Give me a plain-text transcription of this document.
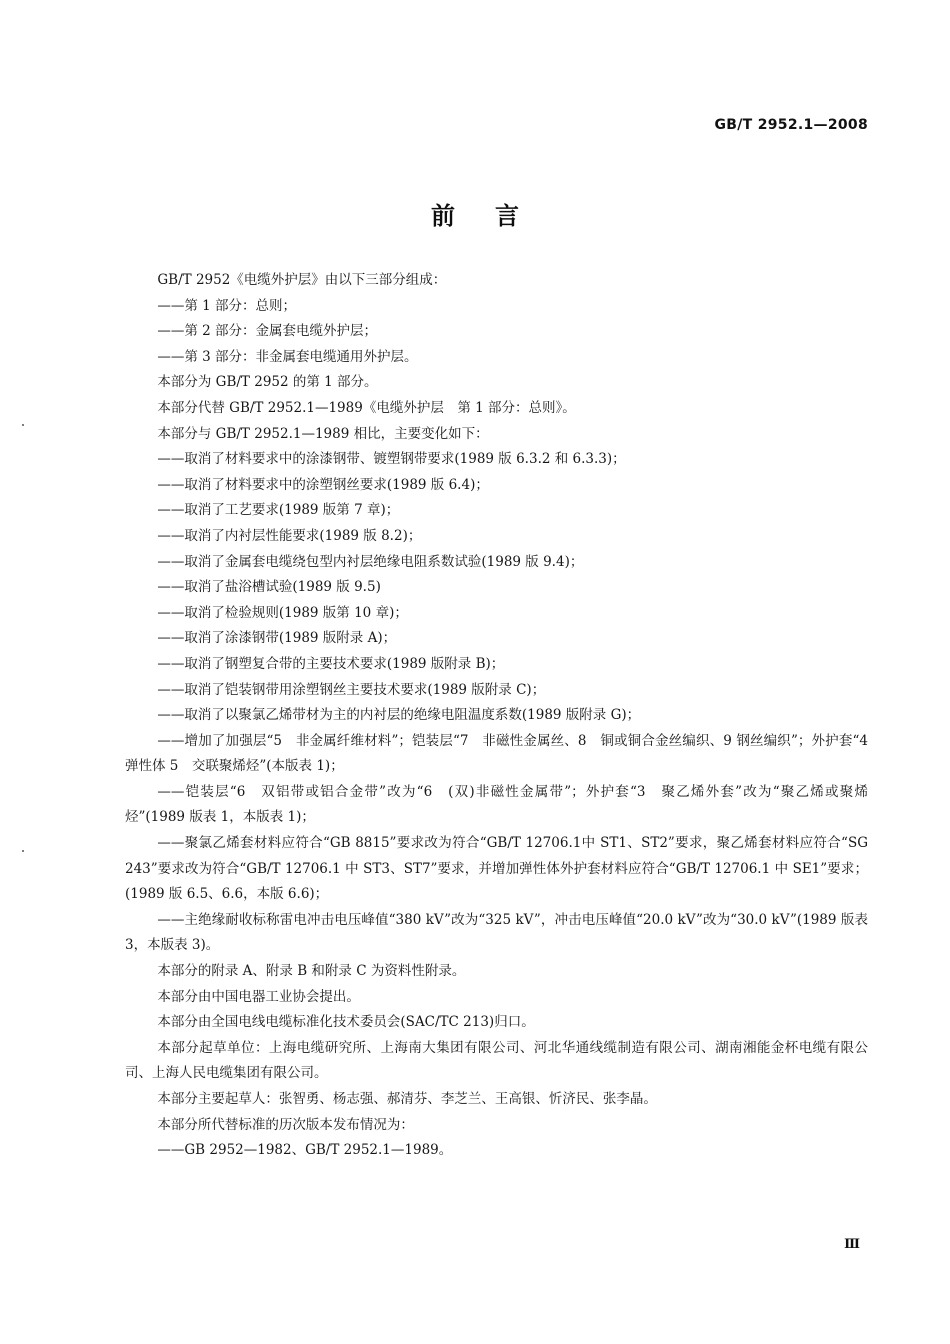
GB/T 2952.1—2008
前言

GB/T 2952《电缆外护层》由以下三部分组成：

——第 1 部分：总则；

——第 2 部分：金属套电缆外护层；

——第 3 部分：非金属套电缆通用外护层。

本部分为 GB/T 2952 的第 1 部分。

本部分代替 GB/T 2952.1—1989《电缆外护层　第 1 部分：总则》。

本部分与 GB/T 2952.1—1989 相比，主要变化如下：

——取消了材料要求中的涂漆钢带、镀塑钢带要求(1989 版 6.3.2 和 6.3.3)；

——取消了材料要求中的涂塑钢丝要求(1989 版 6.4)；

——取消了工艺要求(1989 版第 7 章)；

——取消了内衬层性能要求(1989 版 8.2)；

——取消了金属套电缆绕包型内衬层绝缘电阻系数试验(1989 版 9.4)；

——取消了盐浴槽试验(1989 版 9.5)

——取消了检验规则(1989 版第 10 章)；

——取消了涂漆钢带(1989 版附录 A)；

——取消了钢塑复合带的主要技术要求(1989 版附录 B)；

——取消了铠装钢带用涂塑钢丝主要技术要求(1989 版附录 C)；

——取消了以聚氯乙烯带材为主的内衬层的绝缘电阻温度系数(1989 版附录 G)；

——增加了加强层“5　非金属纤维材料”；铠装层“7　非磁性金属丝、8　铜或铜合金丝编织、9 钢丝编织”；外护套“4　弹性体 5　交联聚烯烃”(本版表 1)；

——铠装层“6　双铝带或铝合金带”改为“6　(双)非磁性金属带”；外护套“3　聚乙烯外套”改为“聚乙烯或聚烯烃”(1989 版表 1，本版表 1)；

——聚氯乙烯套材料应符合“GB 8815”要求改为符合“GB/T 12706.1中 ST1、ST2”要求，聚乙烯套材料应符合“SG 243”要求改为符合“GB/T 12706.1 中 ST3、ST7”要求，并增加弹性体外护套材料应符合“GB/T 12706.1 中 SE1”要求；(1989 版 6.5、6.6，本版 6.6)；

——主绝缘耐收标称雷电冲击电压峰值“380 kV”改为“325 kV”，冲击电压峰值“20.0 kV”改为“30.0 kV”(1989 版表 3，本版表 3)。

本部分的附录 A、附录 B 和附录 C 为资料性附录。

本部分由中国电器工业协会提出。

本部分由全国电线电缆标准化技术委员会(SAC/TC 213)归口。

本部分起草单位：上海电缆研究所、上海南大集团有限公司、河北华通线缆制造有限公司、湖南湘能金杯电缆有限公司、上海人民电缆集团有限公司。

本部分主要起草人：张智勇、杨志强、郝清芬、李芝兰、王高银、忻济民、张李晶。

本部分所代替标准的历次版本发布情况为：

——GB 2952—1982、GB/T 2952.1—1989。

Ⅲ
